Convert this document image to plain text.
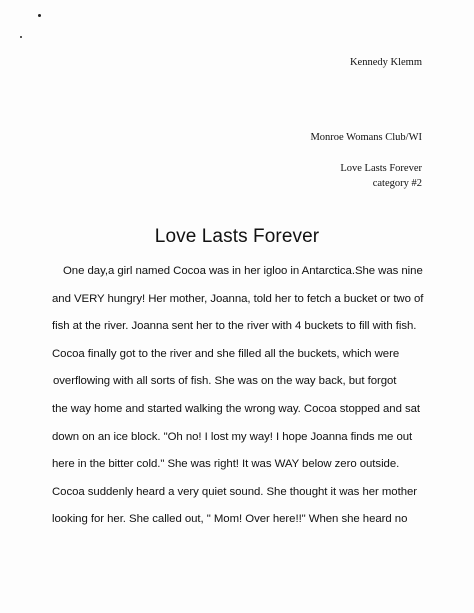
Kennedy Klemm
Monroe Womans Club/WI
Love Lasts Forever
category #2
Love Lasts Forever
One day,a girl named Cocoa was in her igloo in Antarctica.She was nine
and VERY hungry! Her mother, Joanna, told her to fetch a bucket or two of
fish at the river. Joanna sent her to the river with 4 buckets to fill with fish.
Cocoa finally got to the river and she filled all the buckets, which were
overflowing with all sorts of fish. She was on the way back, but forgot
the way home and started walking the wrong way. Cocoa stopped and sat
down on an ice block. "Oh no! I lost my way! I hope Joanna finds me out
here in the bitter cold." She was right! It was WAY below zero outside.
Cocoa suddenly heard a very quiet sound. She thought it was her mother
looking for her. She called out, " Mom! Over here!!" When she heard no
